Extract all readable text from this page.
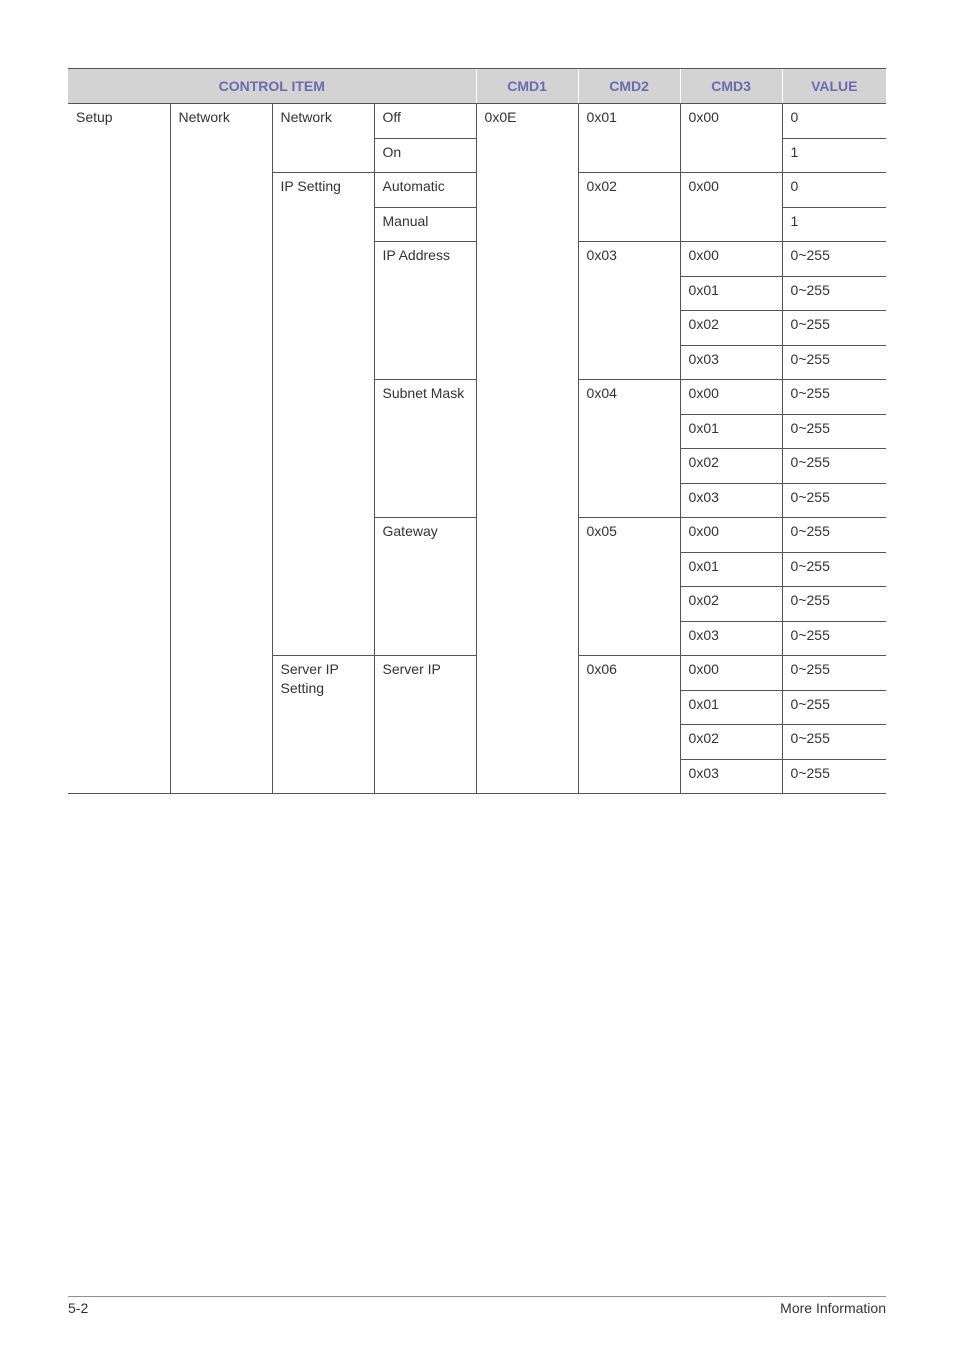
CONTROL ITEM				CMD1	CMD2	CMD3	VALUE
Setup	Network	Network	Off	0x0E	0x01	0x00	0
			On				1
		IP Setting	Automatic		0x02	0x00	0
			Manual				1
			IP Address		0x03	0x00	0~255
						0x01	0~255
						0x02	0~255
						0x03	0~255
			Subnet Mask		0x04	0x00	0~255
						0x01	0~255
						0x02	0~255
						0x03	0~255
			Gateway		0x05	0x00	0~255
						0x01	0~255
						0x02	0~255
						0x03	0~255
		Server IP Setting	Server IP		0x06	0x00	0~255
						0x01	0~255
						0x02	0~255
						0x03	0~255
5-2	More Information
